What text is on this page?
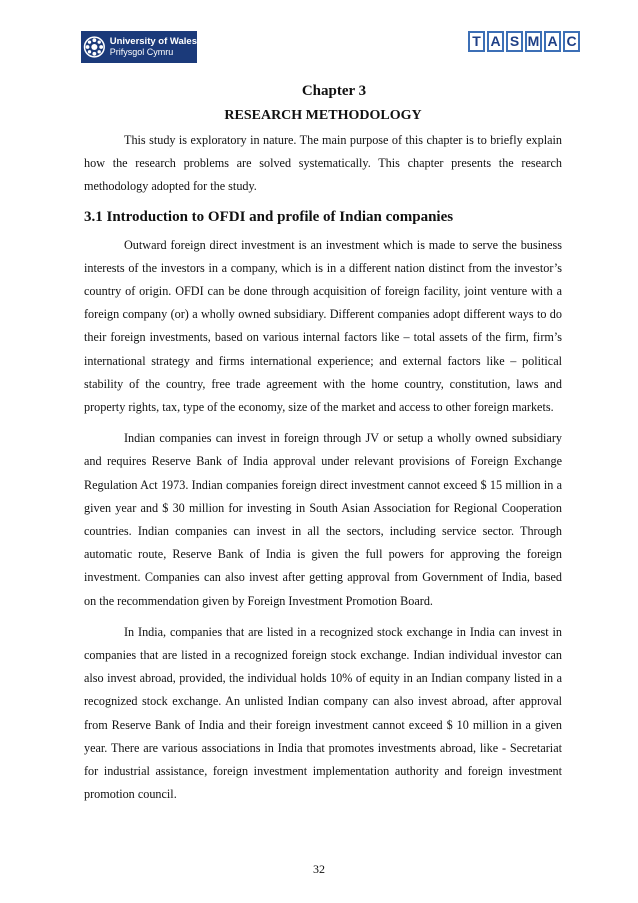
University of Wales
Prifysgol Cymru
T A S M A C
Chapter 3
RESEARCH METHODOLOGY

This study is exploratory in nature. The main purpose of this chapter is to briefly explain how the research problems are solved systematically. This chapter presents the research methodology adopted for the study.

3.1 Introduction to OFDI and profile of Indian companies

Outward foreign direct investment is an investment which is made to serve the business interests of the investors in a company, which is in a different nation distinct from the investor’s country of origin. OFDI can be done through acquisition of foreign facility, joint venture with a foreign company (or) a wholly owned subsidiary. Different companies adopt different ways to do their foreign investments, based on various internal factors like – total assets of the firm, firm’s international strategy and firms international experience; and external factors like – political stability of the country, free trade agreement with the home country, constitution, laws and property rights, tax, type of the economy, size of the market and access to other foreign markets.

Indian companies can invest in foreign through JV or setup a wholly owned subsidiary and requires Reserve Bank of India approval under relevant provisions of Foreign Exchange Regulation Act 1973. Indian companies foreign direct investment cannot exceed $ 15 million in a given year and $ 30 million for investing in South Asian Association for Regional Cooperation countries. Indian companies can invest in all the sectors, including service sector. Through automatic route, Reserve Bank of India is given the full powers for approving the foreign investment. Companies can also invest after getting approval from Government of India, based on the recommendation given by Foreign Investment Promotion Board.

In India, companies that are listed in a recognized stock exchange in India can invest in companies that are listed in a recognized foreign stock exchange. Indian individual investor can also invest abroad, provided, the individual holds 10% of equity in an Indian company listed in a recognized stock exchange. An unlisted Indian company can also invest abroad, after approval from Reserve Bank of India and their foreign investment cannot exceed $ 10 million in a given year. There are various associations in India that promotes investments abroad, like - Secretariat for industrial assistance, foreign investment implementation authority and foreign investment promotion council.

32
